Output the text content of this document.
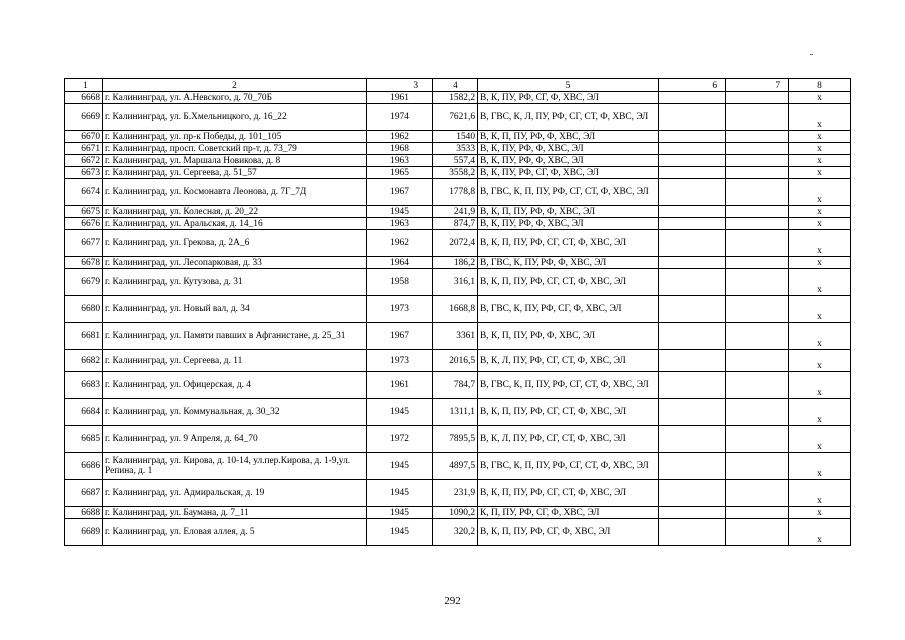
1	2	3	4	5	6	7	8
6668	г. Калининград, ул. А.Невского, д. 70_70Б	1961	1582,2	В, К, ПУ, РФ, СГ, Ф, ХВС, ЭЛ			х
6669	г. Калининград, ул. Б.Хмельницкого, д. 16_22	1974	7621,6	В, ГВС, К, Л, ПУ, РФ, СГ, СТ, Ф, ХВС, ЭЛ			х
6670	г. Калининград, ул. пр-к Победы, д. 101_105	1962	1540	В, К, П, ПУ, РФ, Ф, ХВС, ЭЛ			х
6671	г. Калининград, просп. Советский пр-т, д. 73_79	1968	3533	В, К, ПУ, РФ, Ф, ХВС, ЭЛ			х
6672	г. Калининград, ул. Маршала Новикова, д. 8	1963	557,4	В, К, ПУ, РФ, Ф, ХВС, ЭЛ			х
6673	г. Калининград, ул. Сергеева, д. 51_57	1965	3558,2	В, К, ПУ, РФ, СГ, Ф, ХВС, ЭЛ			х
6674	г. Калининград, ул. Космонавта Леонова, д. 7Г_7Д	1967	1778,8	В, ГВС, К, П, ПУ, РФ, СГ, СТ, Ф, ХВС, ЭЛ			х
6675	г. Калининград, ул. Колесная, д. 20_22	1945	241,9	В, К, П, ПУ, РФ, Ф, ХВС, ЭЛ			х
6676	г. Калининград, ул. Аральская, д. 14_16	1963	874,7	В, К, ПУ, РФ, Ф, ХВС, ЭЛ			х
6677	г. Калининград, ул. Грекова, д. 2А_6	1962	2072,4	В, К, П, ПУ, РФ, СГ, СТ, Ф, ХВС, ЭЛ			х
6678	г. Калининград, ул. Лесопарковая, д. 33	1964	186,2	В, ГВС, К, ПУ, РФ, Ф, ХВС, ЭЛ			х
6679	г. Калининград, ул. Кутузова, д. 31	1958	316,1	В, К, П, ПУ, РФ, СГ, СТ, Ф, ХВС, ЭЛ			х
6680	г. Калининград, ул. Новый вал, д. 34	1973	1668,8	В, ГВС, К, ПУ, РФ, СГ, Ф, ХВС, ЭЛ			х
6681	г. Калининград, ул. Памяти павших в Афганистане, д. 25_31	1967	3361	В, К, П, ПУ, РФ, Ф, ХВС, ЭЛ			х
6682	г. Калининград, ул. Сергеева, д. 11	1973	2016,5	В, К, Л, ПУ, РФ, СГ, СТ, Ф, ХВС, ЭЛ			х
6683	г. Калининград, ул. Офицерская, д. 4	1961	784,7	В, ГВС, К, П, ПУ, РФ, СГ, СТ, Ф, ХВС, ЭЛ			х
6684	г. Калининград, ул. Коммунальная, д. 30_32	1945	1311,1	В, К, П, ПУ, РФ, СГ, СТ, Ф, ХВС, ЭЛ			х
6685	г. Калининград, ул. 9 Апреля, д. 64_70	1972	7895,5	В, К, Л, ПУ, РФ, СГ, СТ, Ф, ХВС, ЭЛ			х
6686	г. Калининград, ул. Кирова, д. 10-14, ул.пер.Кирова, д. 1-9,ул. Репина, д. 1	1945	4897,5	В, ГВС, К, П, ПУ, РФ, СГ, СТ, Ф, ХВС, ЭЛ			х
6687	г. Калининград, ул. Адмиральская, д. 19	1945	231,9	В, К, П, ПУ, РФ, СГ, СТ, Ф, ХВС, ЭЛ			х
6688	г. Калининград, ул. Баумана, д. 7_11	1945	1090,2	К, П, ПУ, РФ, СГ, Ф, ХВС, ЭЛ			х
6689	г. Калининград, ул. Еловая аллея, д. 5	1945	320,2	В, К, П, ПУ, РФ, СГ, Ф, ХВС, ЭЛ			х
292
